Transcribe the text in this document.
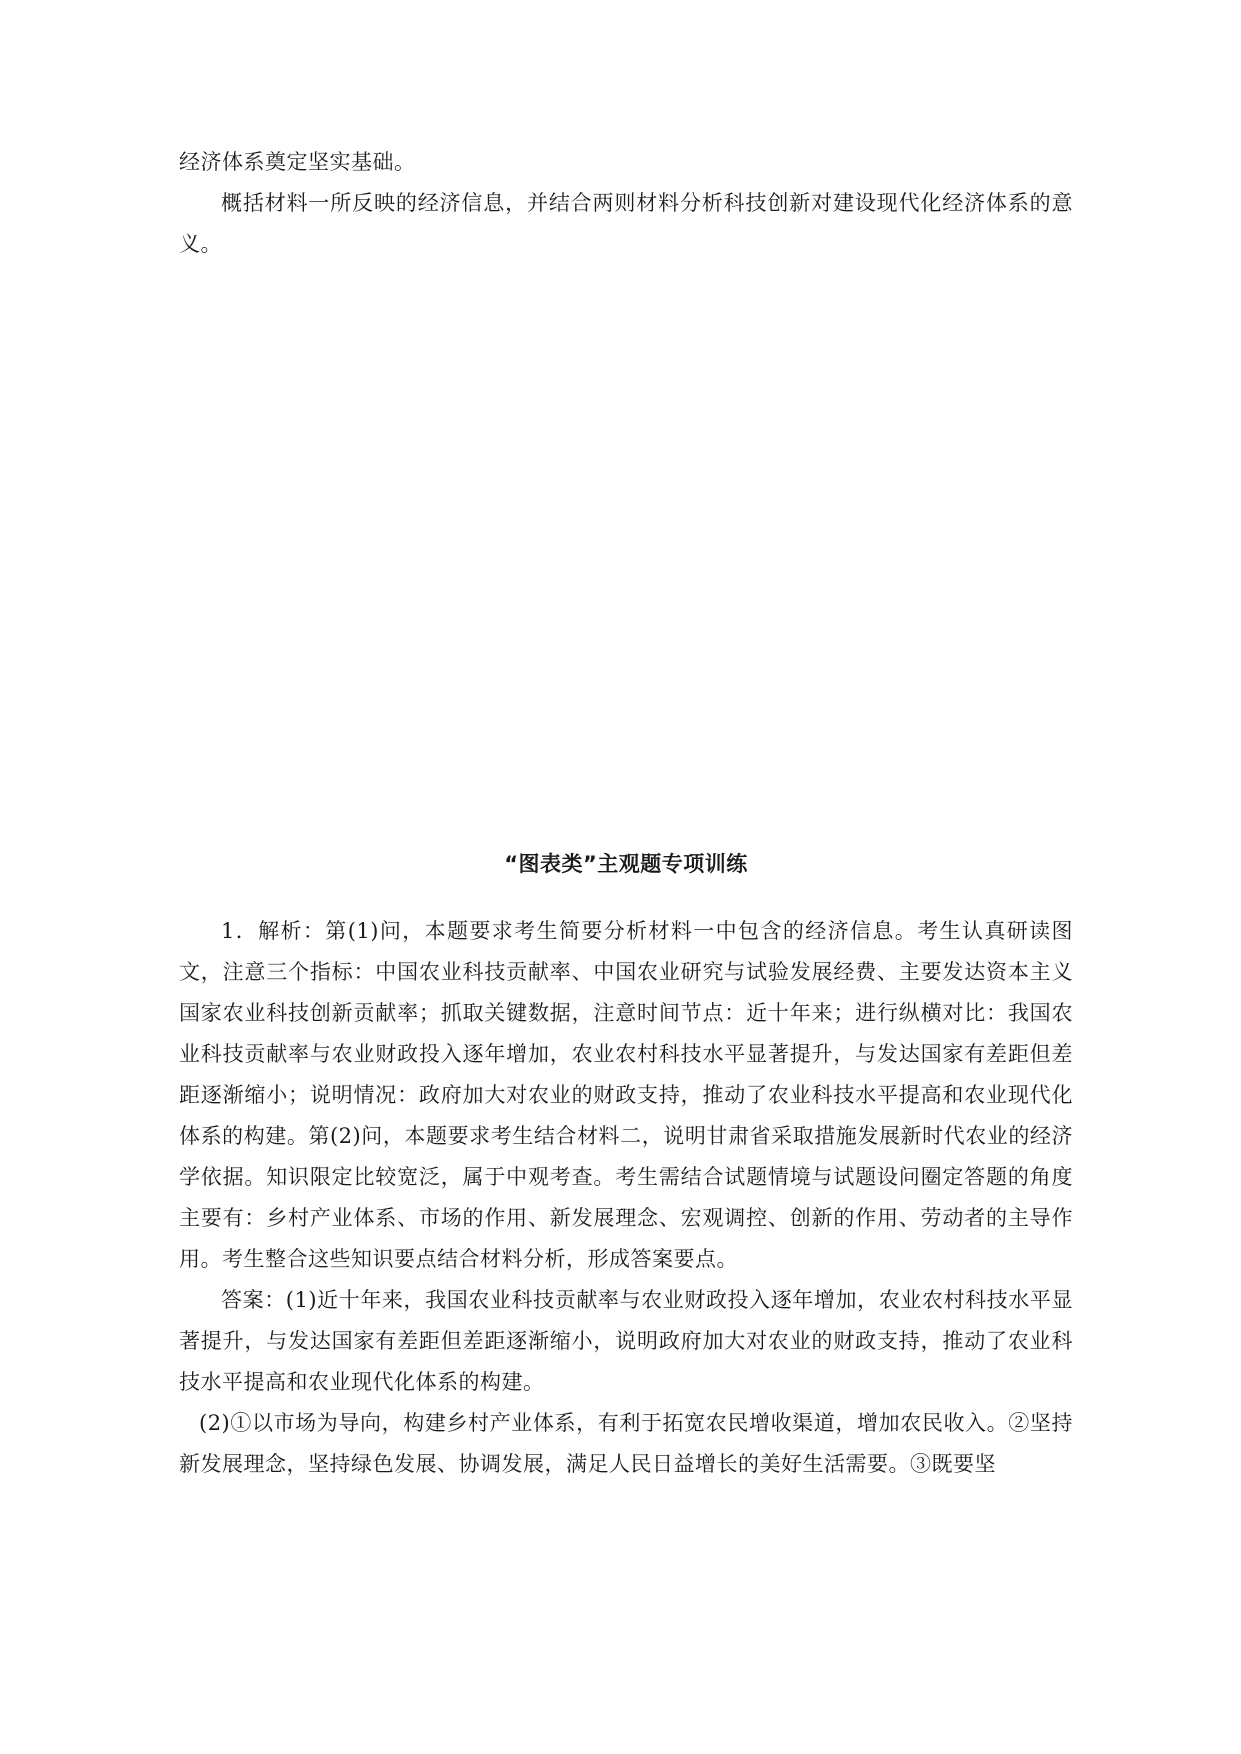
经济体系奠定坚实基础。

概括材料一所反映的经济信息，并结合两则材料分析科技创新对建设现代化经济体系的意义。

“图表类”主观题专项训练

1．解析：第(1)问，本题要求考生简要分析材料一中包含的经济信息。考生认真研读图文，注意三个指标：中国农业科技贡献率、中国农业研究与试验发展经费、主要发达资本主义国家农业科技创新贡献率；抓取关键数据，注意时间节点：近十年来；进行纵横对比：我国农业科技贡献率与农业财政投入逐年增加，农业农村科技水平显著提升，与发达国家有差距但差距逐渐缩小；说明情况：政府加大对农业的财政支持，推动了农业科技水平提高和农业现代化体系的构建。第(2)问，本题要求考生结合材料二，说明甘肃省采取措施发展新时代农业的经济学依据。知识限定比较宽泛，属于中观考查。考生需结合试题情境与试题设问圈定答题的角度主要有：乡村产业体系、市场的作用、新发展理念、宏观调控、创新的作用、劳动者的主导作用。考生整合这些知识要点结合材料分析，形成答案要点。

答案：(1)近十年来，我国农业科技贡献率与农业财政投入逐年增加，农业农村科技水平显著提升，与发达国家有差距但差距逐渐缩小，说明政府加大对农业的财政支持，推动了农业科技水平提高和农业现代化体系的构建。

(2)①以市场为导向，构建乡村产业体系，有利于拓宽农民增收渠道，增加农民收入。②坚持新发展理念，坚持绿色发展、协调发展，满足人民日益增长的美好生活需要。③既要坚
